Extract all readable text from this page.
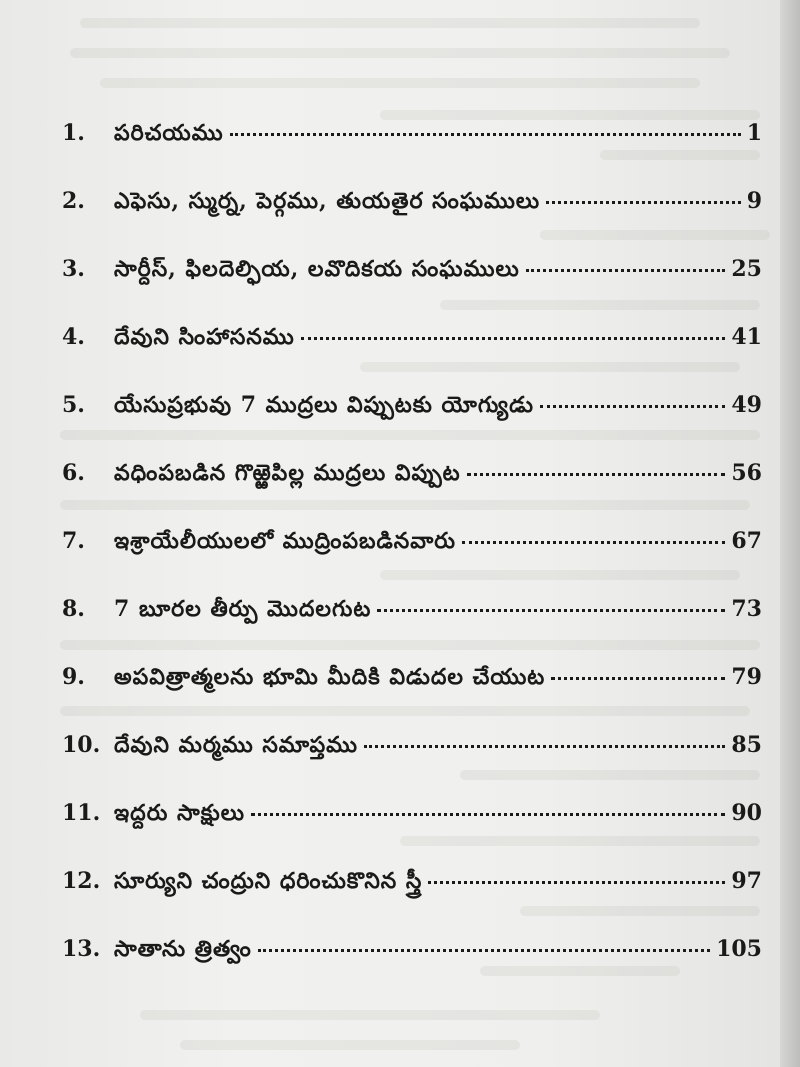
1.	పరిచయము	1
2.	ఎఫెసు, స్ముర్న, పెర్గము, తుయతైర సంఘములు	9
3.	సార్దీస్, ఫిలదెల్ఫియ, లవొదికయ సంఘములు	25
4.	దేవుని సింహాసనము	41
5.	యేసుప్రభువు 7 ముద్రలు విప్పుటకు యోగ్యుడు	49
6.	వధింపబడిన గొఱ్ఱెపిల్ల ముద్రలు విప్పుట	56
7.	ఇశ్రాయేలీయులలో ముద్రింపబడినవారు	67
8.	7 బూరల తీర్పు మొదలగుట	73
9.	అపవిత్రాత్మలను భూమి మీదికి విడుదల చేయుట	79
10. దేవుని మర్మము సమాప్తము	85
11. ఇద్దరు సాక్షులు	90
12. సూర్యుని చంద్రుని ధరించుకొనిన స్త్రీ	97
13. సాతాను త్రిత్వం	105
